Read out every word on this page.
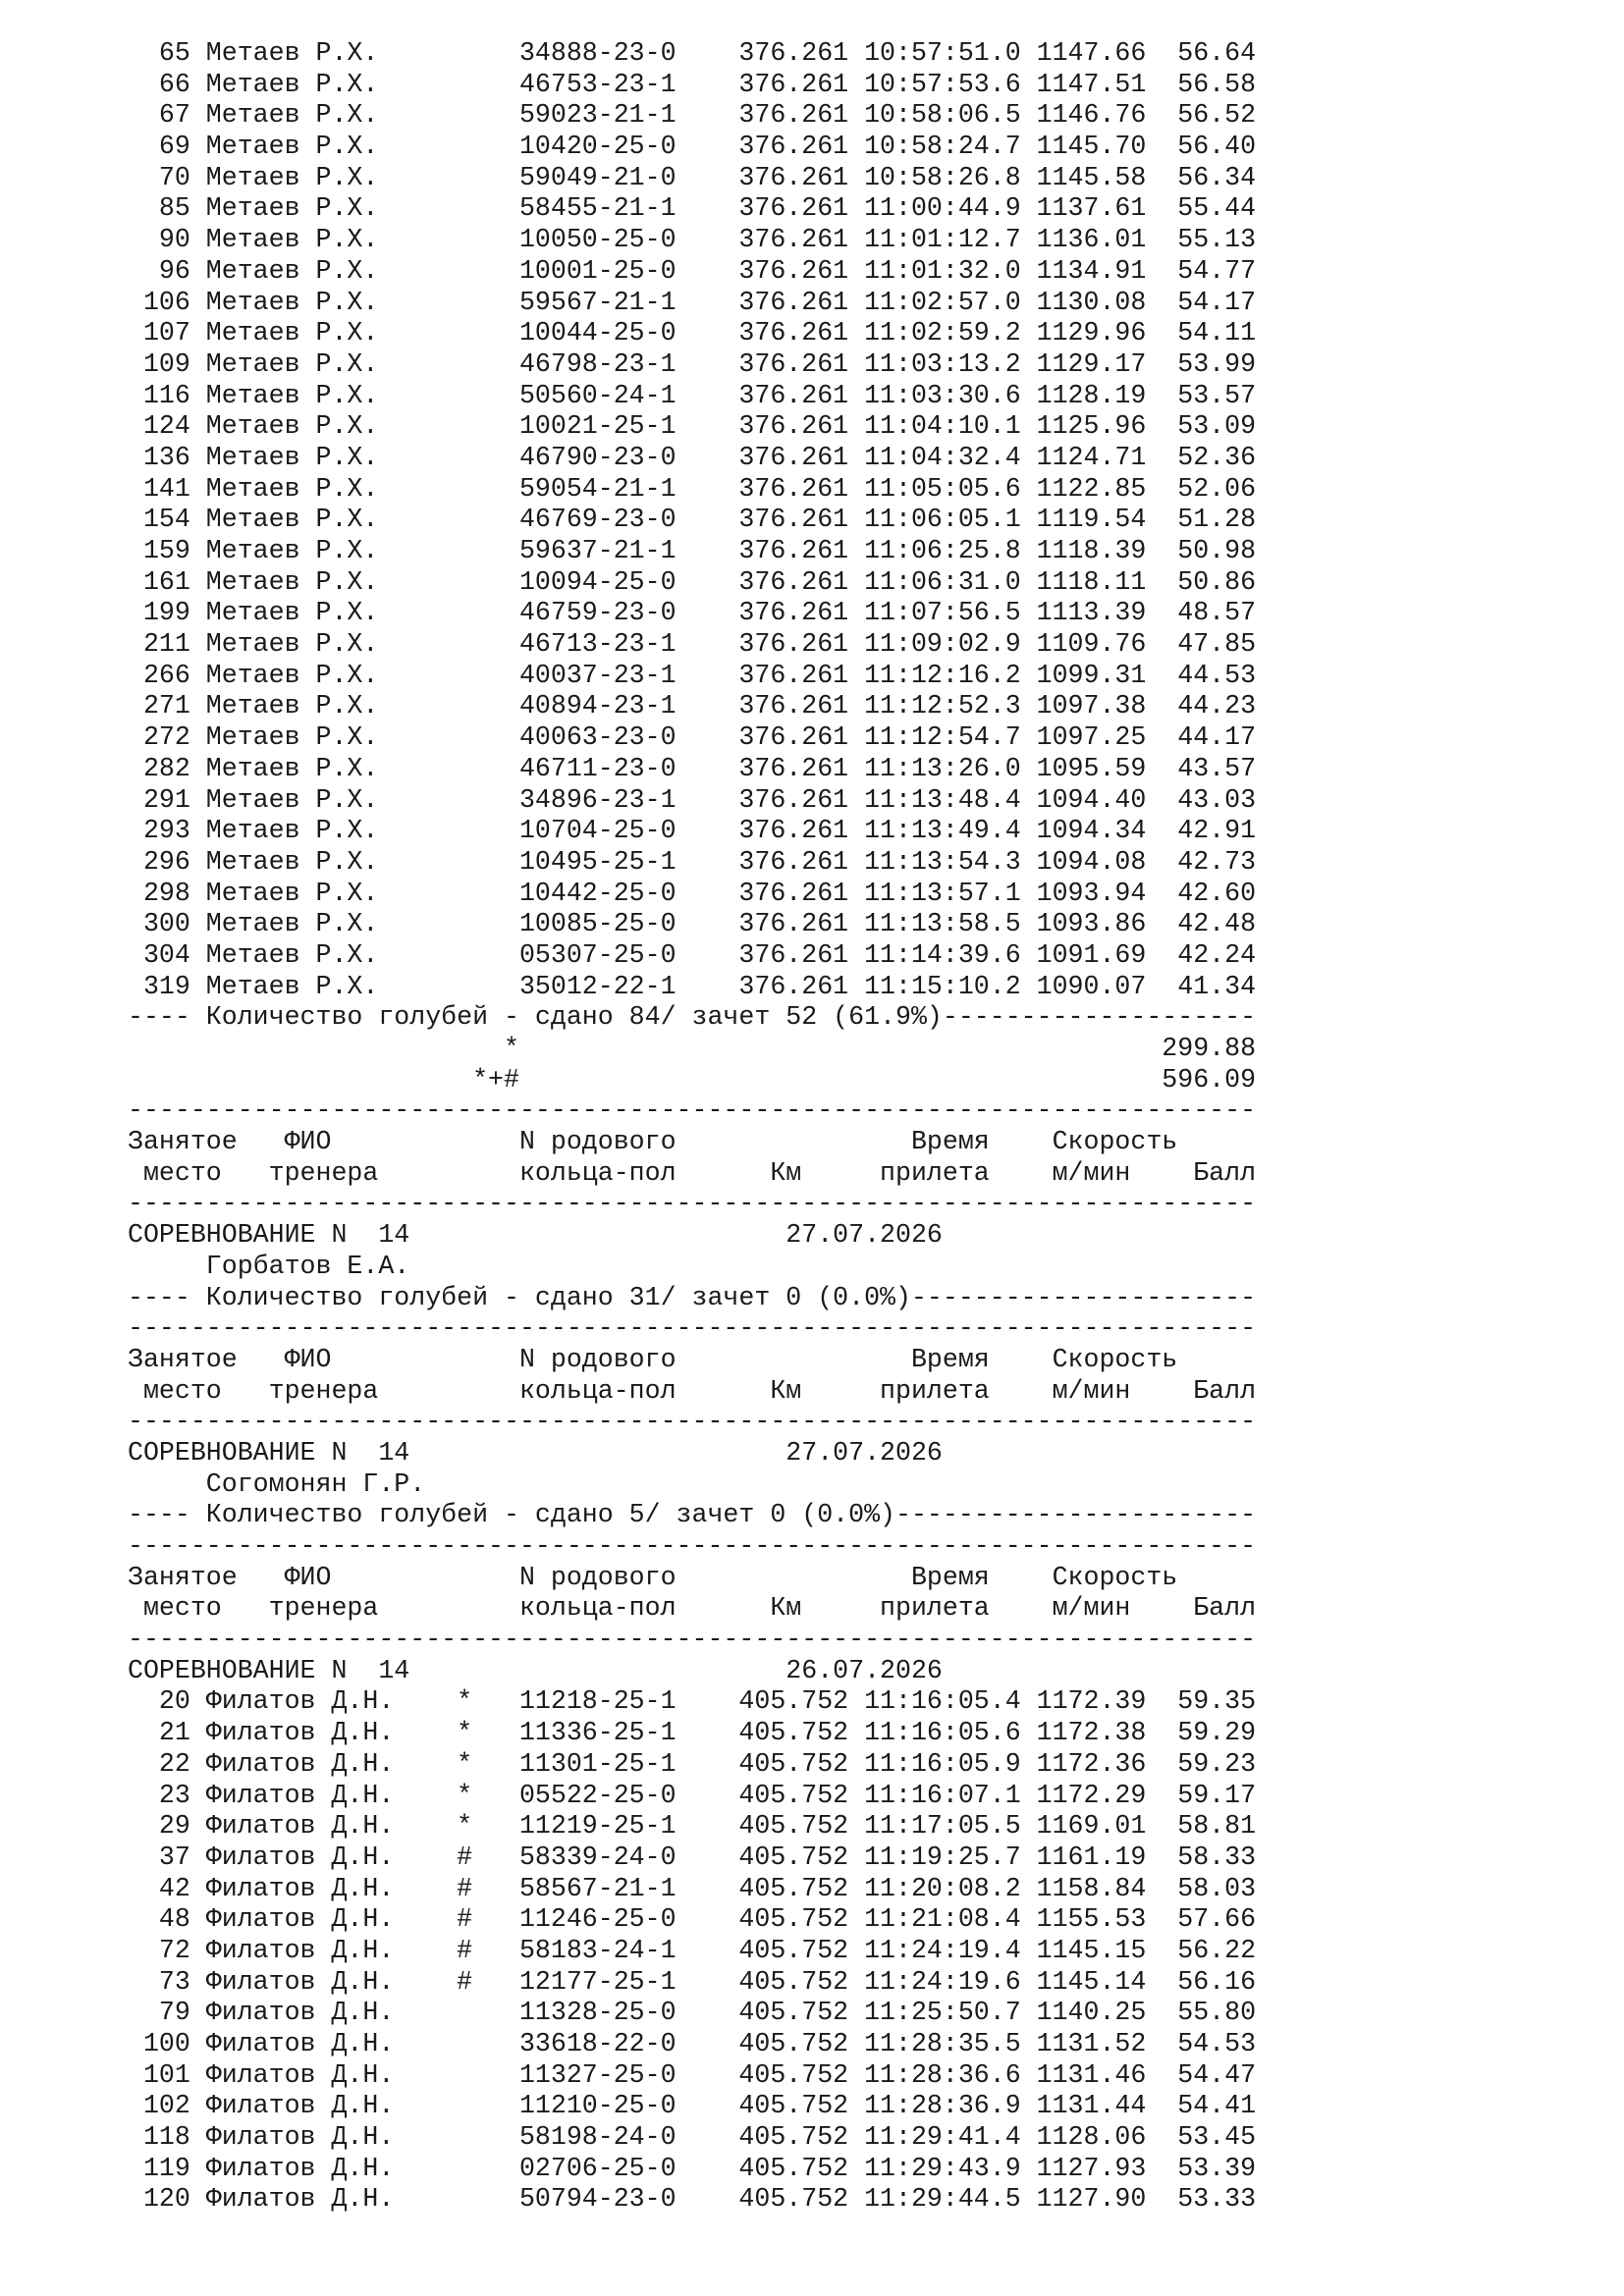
65 Метаев Р.Х.         34888-23-0    376.261 10:57:51.0 1147.66  56.64
66 Метаев Р.Х.         46753-23-1    376.261 10:57:53.6 1147.51  56.58
67 Метаев Р.Х.         59023-21-1    376.261 10:58:06.5 1146.76  56.52
69 Метаев Р.Х.         10420-25-0    376.261 10:58:24.7 1145.70  56.40
70 Метаев Р.Х.         59049-21-0    376.261 10:58:26.8 1145.58  56.34
85 Метаев Р.Х.         58455-21-1    376.261 11:00:44.9 1137.61  55.44
90 Метаев Р.Х.         10050-25-0    376.261 11:01:12.7 1136.01  55.13
96 Метаев Р.Х.         10001-25-0    376.261 11:01:32.0 1134.91  54.77
106 Метаев Р.Х.         59567-21-1    376.261 11:02:57.0 1130.08  54.17
107 Метаев Р.Х.         10044-25-0    376.261 11:02:59.2 1129.96  54.11
109 Метаев Р.Х.         46798-23-1    376.261 11:03:13.2 1129.17  53.99
116 Метаев Р.Х.         50560-24-1    376.261 11:03:30.6 1128.19  53.57
124 Метаев Р.Х.         10021-25-1    376.261 11:04:10.1 1125.96  53.09
136 Метаев Р.Х.         46790-23-0    376.261 11:04:32.4 1124.71  52.36
141 Метаев Р.Х.         59054-21-1    376.261 11:05:05.6 1122.85  52.06
154 Метаев Р.Х.         46769-23-0    376.261 11:06:05.1 1119.54  51.28
159 Метаев Р.Х.         59637-21-1    376.261 11:06:25.8 1118.39  50.98
161 Метаев Р.Х.         10094-25-0    376.261 11:06:31.0 1118.11  50.86
199 Метаев Р.Х.         46759-23-0    376.261 11:07:56.5 1113.39  48.57
211 Метаев Р.Х.         46713-23-1    376.261 11:09:02.9 1109.76  47.85
266 Метаев Р.Х.         40037-23-1    376.261 11:12:16.2 1099.31  44.53
271 Метаев Р.Х.         40894-23-1    376.261 11:12:52.3 1097.38  44.23
272 Метаев Р.Х.         40063-23-0    376.261 11:12:54.7 1097.25  44.17
282 Метаев Р.Х.         46711-23-0    376.261 11:13:26.0 1095.59  43.57
291 Метаев Р.Х.         34896-23-1    376.261 11:13:48.4 1094.40  43.03
293 Метаев Р.Х.         10704-25-0    376.261 11:13:49.4 1094.34  42.91
296 Метаев Р.Х.         10495-25-1    376.261 11:13:54.3 1094.08  42.73
298 Метаев Р.Х.         10442-25-0    376.261 11:13:57.1 1093.94  42.60
300 Метаев Р.Х.         10085-25-0    376.261 11:13:58.5 1093.86  42.48
304 Метаев Р.Х.         05307-25-0    376.261 11:14:39.6 1091.69  42.24
319 Метаев Р.Х.         35012-22-1    376.261 11:15:10.2 1090.07  41.34
---- Количество голубей - сдано 84/ зачет 52 (61.9%)--------------------
*                                         299.88
*+#                                         596.09
------------------------------------------------------------------------
Занятое   ФИО            N родового               Время    Скорость
место   тренера         кольца-пол      Км     прилета    м/мин    Балл
------------------------------------------------------------------------
СОРЕВНОВАНИЕ N  14                        27.07.2026
Горбатов Е.А.
---- Количество голубей - сдано 31/ зачет 0 (0.0%)----------------------
------------------------------------------------------------------------
Занятое   ФИО            N родового               Время    Скорость
место   тренера         кольца-пол      Км     прилета    м/мин    Балл
------------------------------------------------------------------------
СОРЕВНОВАНИЕ N  14                        27.07.2026
Согомонян Г.Р.
---- Количество голубей - сдано 5/ зачет 0 (0.0%)-----------------------
------------------------------------------------------------------------
Занятое   ФИО            N родового               Время    Скорость
место   тренера         кольца-пол      Км     прилета    м/мин    Балл
------------------------------------------------------------------------
СОРЕВНОВАНИЕ N  14                        26.07.2026
20 Филатов Д.Н.    *   11218-25-1    405.752 11:16:05.4 1172.39  59.35
21 Филатов Д.Н.    *   11336-25-1    405.752 11:16:05.6 1172.38  59.29
22 Филатов Д.Н.    *   11301-25-1    405.752 11:16:05.9 1172.36  59.23
23 Филатов Д.Н.    *   05522-25-0    405.752 11:16:07.1 1172.29  59.17
29 Филатов Д.Н.    *   11219-25-1    405.752 11:17:05.5 1169.01  58.81
37 Филатов Д.Н.    #   58339-24-0    405.752 11:19:25.7 1161.19  58.33
42 Филатов Д.Н.    #   58567-21-1    405.752 11:20:08.2 1158.84  58.03
48 Филатов Д.Н.    #   11246-25-0    405.752 11:21:08.4 1155.53  57.66
72 Филатов Д.Н.    #   58183-24-1    405.752 11:24:19.4 1145.15  56.22
73 Филатов Д.Н.    #   12177-25-1    405.752 11:24:19.6 1145.14  56.16
79 Филатов Д.Н.        11328-25-0    405.752 11:25:50.7 1140.25  55.80
100 Филатов Д.Н.        33618-22-0    405.752 11:28:35.5 1131.52  54.53
101 Филатов Д.Н.        11327-25-0    405.752 11:28:36.6 1131.46  54.47
102 Филатов Д.Н.        11210-25-0    405.752 11:28:36.9 1131.44  54.41
118 Филатов Д.Н.        58198-24-0    405.752 11:29:41.4 1128.06  53.45
119 Филатов Д.Н.        02706-25-0    405.752 11:29:43.9 1127.93  53.39
120 Филатов Д.Н.        50794-23-0    405.752 11:29:44.5 1127.90  53.33
